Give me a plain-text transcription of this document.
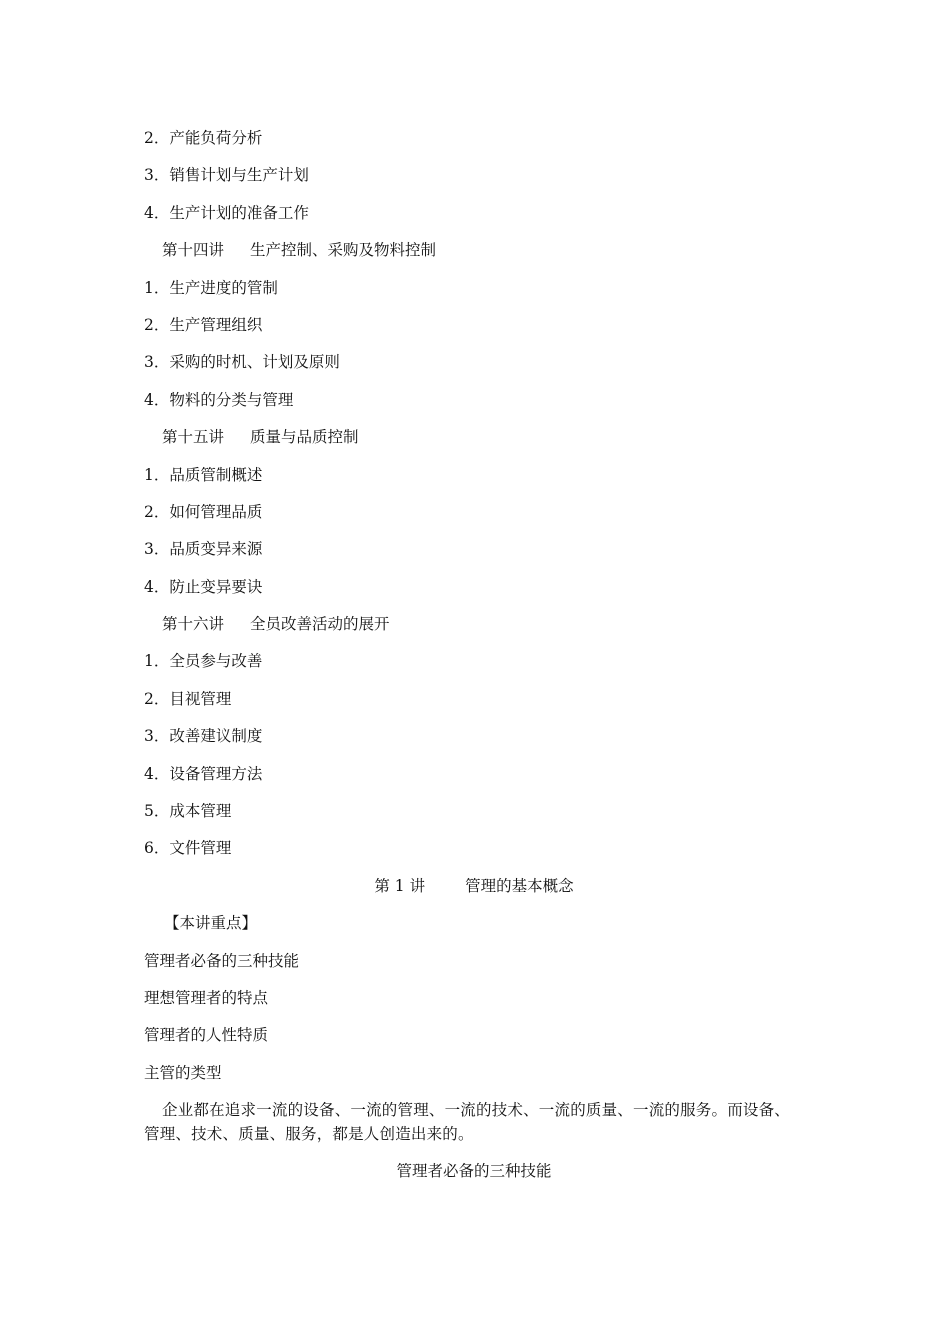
2．产能负荷分析
3．销售计划与生产计划
4．生产计划的准备工作
第十四讲 生产控制、采购及物料控制
1．生产进度的管制
2．生产管理组织
3．采购的时机、计划及原则
4．物料的分类与管理
第十五讲 质量与品质控制
1．品质管制概述
2．如何管理品质
3．品质变异来源
4．防止变异要诀
第十六讲 全员改善活动的展开
1．全员参与改善
2．目视管理
3．改善建议制度
4．设备管理方法
5．成本管理
6．文件管理
第 1 讲	管理的基本概念
【本讲重点】
管理者必备的三种技能
理想管理者的特点
管理者的人性特质
主管的类型

企业都在追求一流的设备、一流的管理、一流的技术、一流的质量、一流的服务。而设备、管理、技术、质量、服务，都是人创造出来的。

管理者必备的三种技能
